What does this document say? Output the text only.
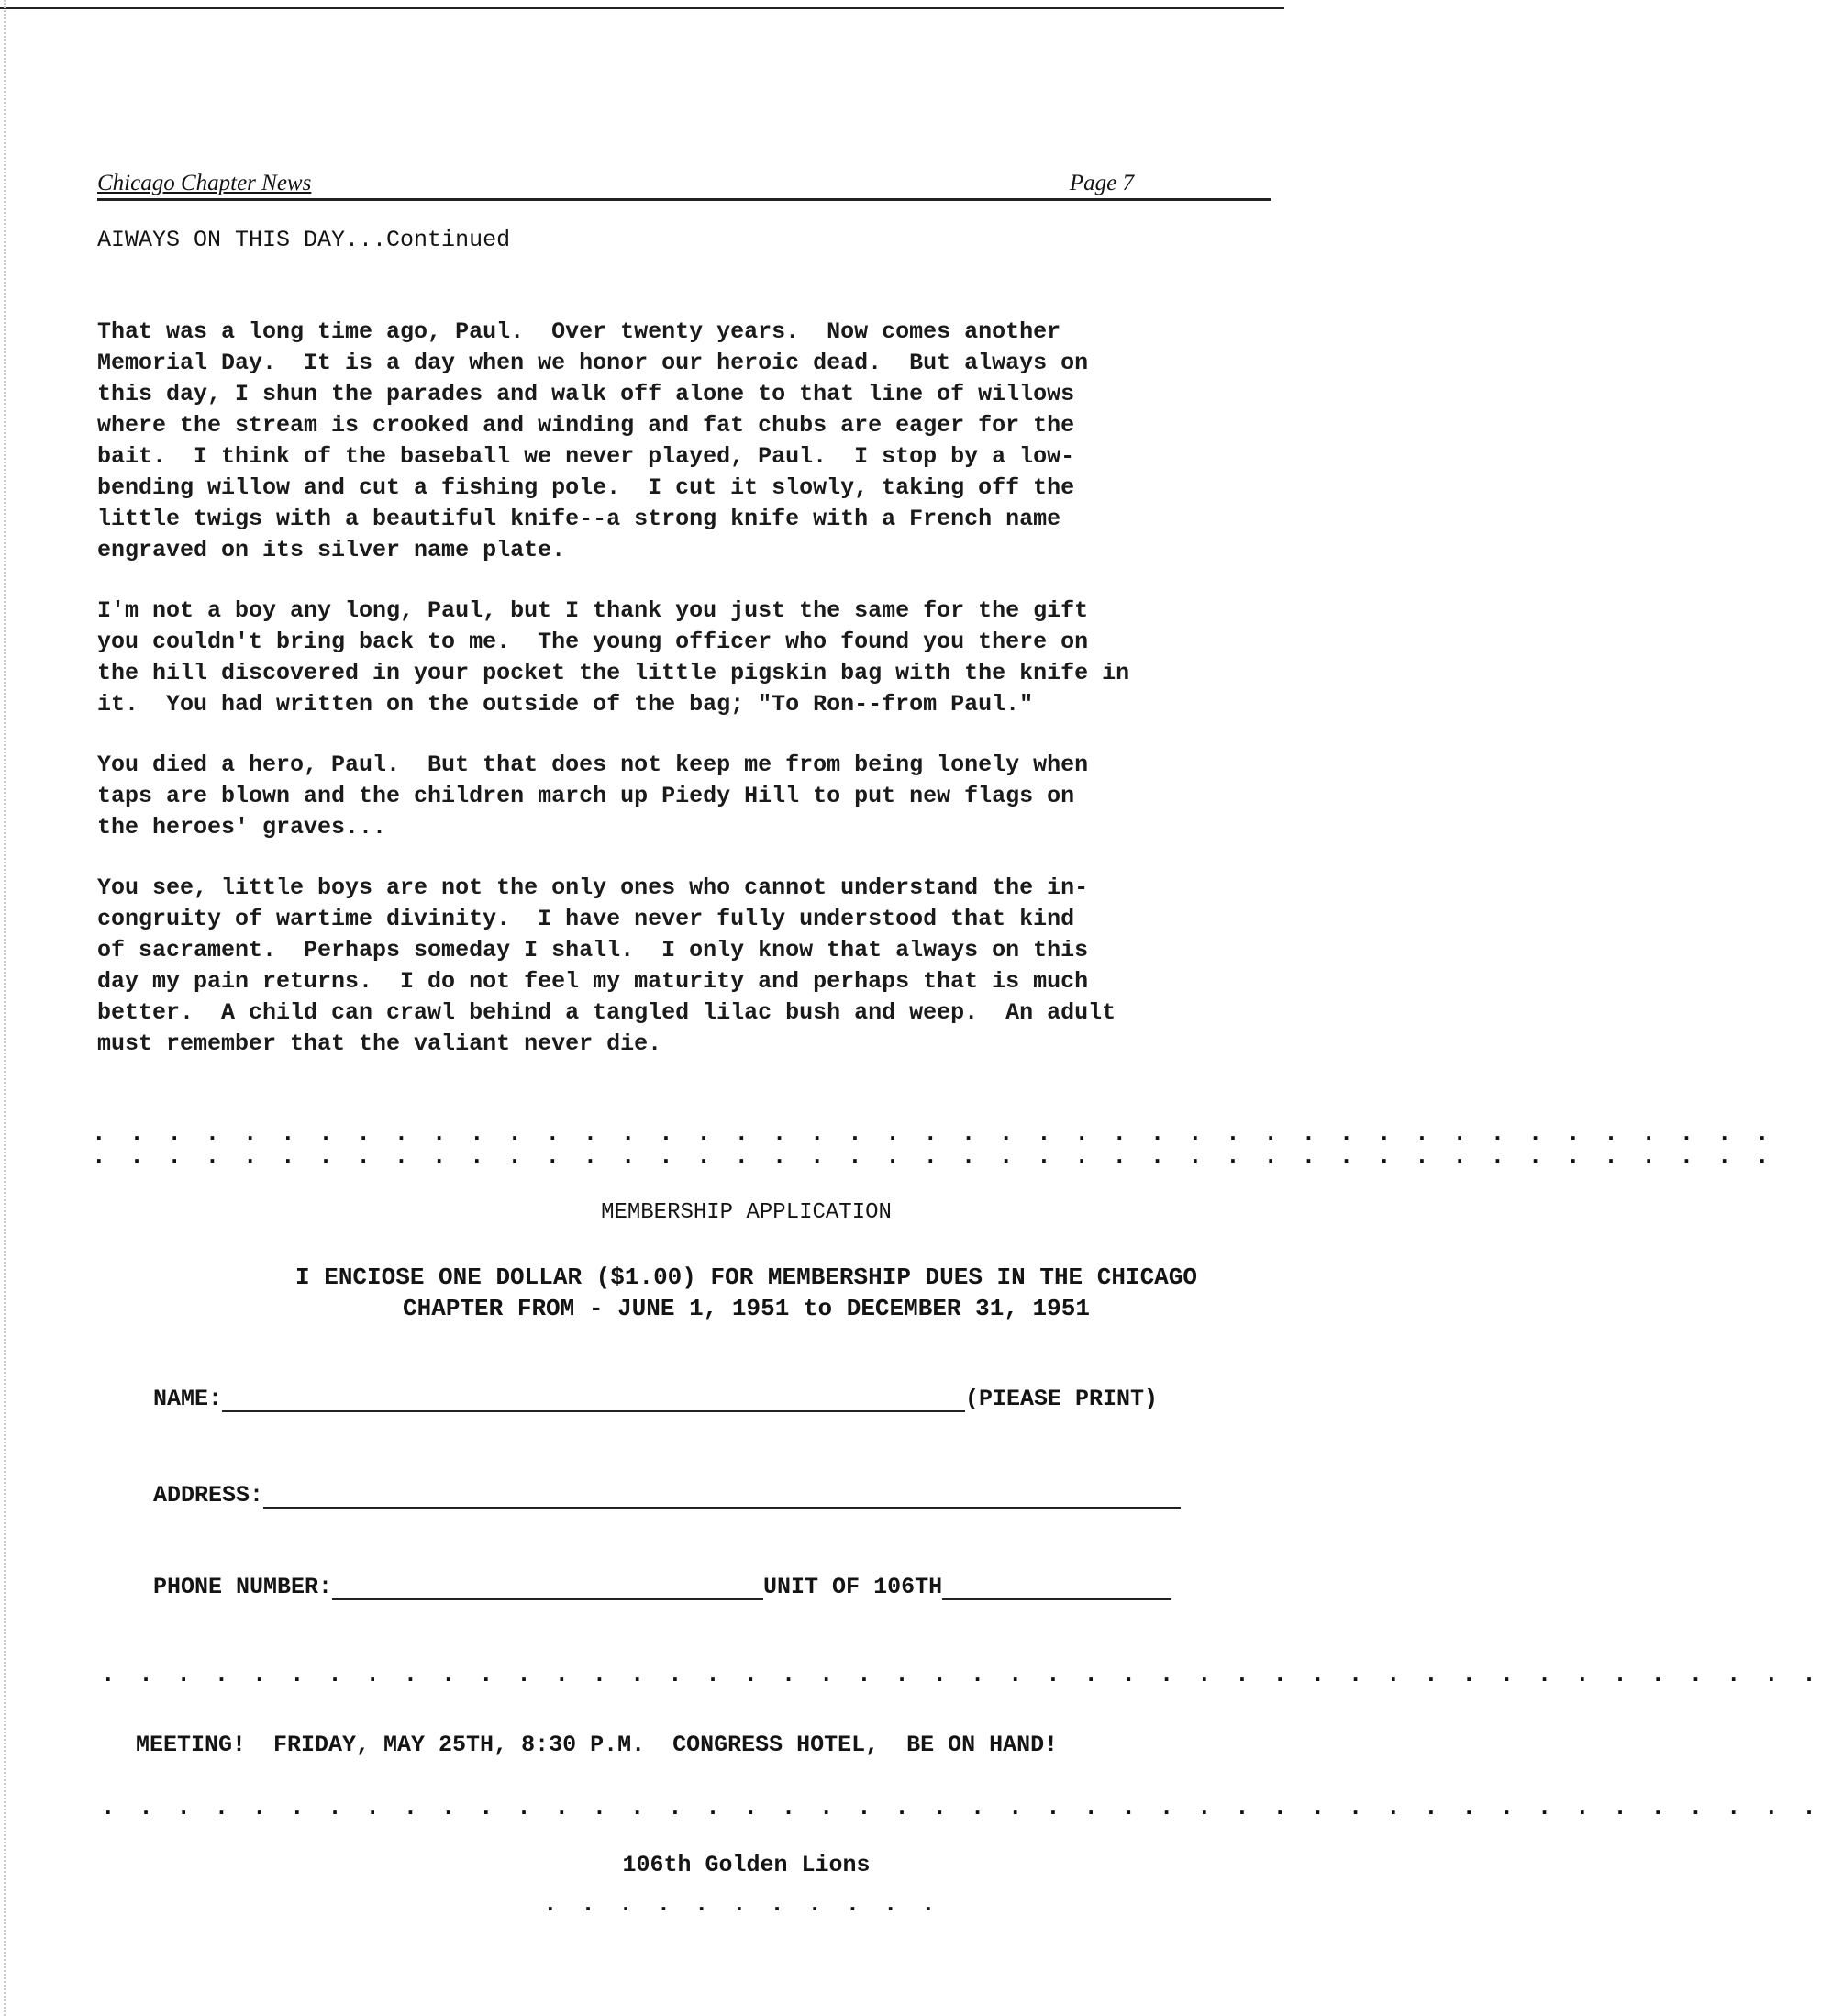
Chicago Chapter News	Page 7
AIWAYS ON THIS DAY...Continued

That was a long time ago, Paul.  Over twenty years.  Now comes another
Memorial Day.  It is a day when we honor our heroic dead.  But always on
this day, I shun the parades and walk off alone to that line of willows
where the stream is crooked and winding and fat chubs are eager for the
bait.  I think of the baseball we never played, Paul.  I stop by a low-
bending willow and cut a fishing pole.  I cut it slowly, taking off the
little twigs with a beautiful knife--a strong knife with a French name
engraved on its silver name plate.

I'm not a boy any long, Paul, but I thank you just the same for the gift
you couldn't bring back to me.  The young officer who found you there on
the hill discovered in your pocket the little pigskin bag with the knife in
it.  You had written on the outside of the bag; "To Ron--from Paul."

You died a hero, Paul.  But that does not keep me from being lonely when
taps are blown and the children march up Piedy Hill to put new flags on
the heroes' graves...

You see, little boys are not the only ones who cannot understand the in-
congruity of wartime divinity.  I have never fully understood that kind
of sacrament.  Perhaps someday I shall.  I only know that always on this
day my pain returns.  I do not feel my maturity and perhaps that is much
better.  A child can crawl behind a tangled lilac bush and weep.  An adult
must remember that the valiant never die.

. . . . . . . . . . . . . . . . . . . . . . . . . . . . . . . . . . . . . . . . . . . . .
. . . . . . . . . . . . . . . . . . . . . . . . . . . . . . . . . . . . . . . . . . . . .
MEMBERSHIP APPLICATION
I ENCIOSE ONE DOLLAR ($1.00) FOR MEMBERSHIP DUES IN THE CHICAGO
CHAPTER FROM - JUNE 1, 1951 to DECEMBER 31, 1951
NAME:	(PIEASE PRINT)
ADDRESS:
PHONE NUMBER:	UNIT OF 106TH
. . . . . . . . . . . . . . . . . . . . . . . . . . . . . . . . . . . . . . . . . . . . . .
MEETING!  FRIDAY, MAY 25TH, 8:30 P.M.  CONGRESS HOTEL,  BE ON HAND!
. . . . . . . . . . . . . . . . . . . . . . . . . . . . . . . . . . . . . . . . . . . . . .
106th Golden Lions
. . . . . . . . . . .
